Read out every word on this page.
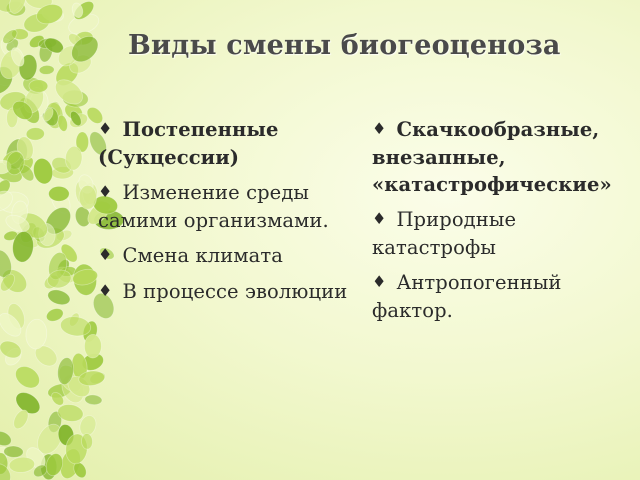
Виды смены биогеоценоза
♦ Постепенные (Сукцессии)
♦ Изменение среды самими организмами.
♦ Смена климата
♦ В процессе эволюции
♦ Скачкообразные, внезапные, «катастрофические»
♦ Природные катастрофы
♦ Антропогенный фактор.
